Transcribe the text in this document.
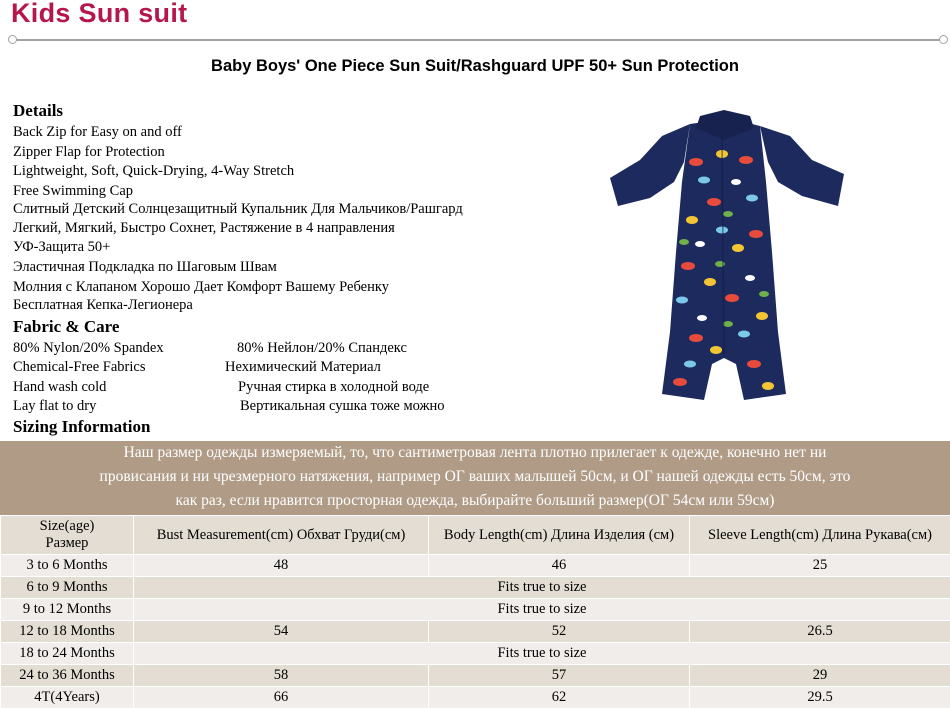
Kids Sun suit
Baby Boys' One Piece Sun Suit/Rashguard UPF 50+ Sun Protection
Details
Back Zip for Easy on and off
Zipper Flap for Protection
Lightweight, Soft, Quick-Drying, 4-Way Stretch
Free Swimming Cap
Слитный Детский Солнцезащитный Купальник Для Мальчиков/Рашгард
Легкий, Мягкий, Быстро Сохнет, Растяжение в 4 направления
УФ-Защита 50+
Эластичная Подкладка по Шаговым Швам
Молния с Клапаном Хорошо Дает Комфорт Вашему Ребенку
Бесплатная Кепка-Легионера
Fabric & Care
80% Nylon/20% Spandex	80% Нейлон/20% Спандекс
Chemical-Free Fabrics	Нехимический Материал
Hand wash cold	Ручная стирка в холодной воде
Lay flat to dry	Вертикальная сушка тоже можно
Sizing Information
Наш размер одежды измеряемый, то, что сантиметровая лента плотно прилегает к одежде, конечно нет ни
провисания и ни чрезмерного натяжения, например ОГ ваших малышей 50см, и ОГ нашей одежды есть 50см, это
как раз, если нравится просторная одежда, выбирайте больший размер(ОГ 54см или 59см)
Size(age)
Размер	Bust Measurement(cm) Обхват Груди(см)	Body Length(cm) Длина Изделия (см)	Sleeve Length(cm) Длина Рукава(см)
3 to 6 Months	48	46	25
6 to 9 Months	Fits true to size		
9 to 12 Months	Fits true to size		
12 to 18 Months	54	52	26.5
18 to 24 Months	Fits true to size		
24 to 36 Months	58	57	29
4T(4Years)	66	62	29.5
